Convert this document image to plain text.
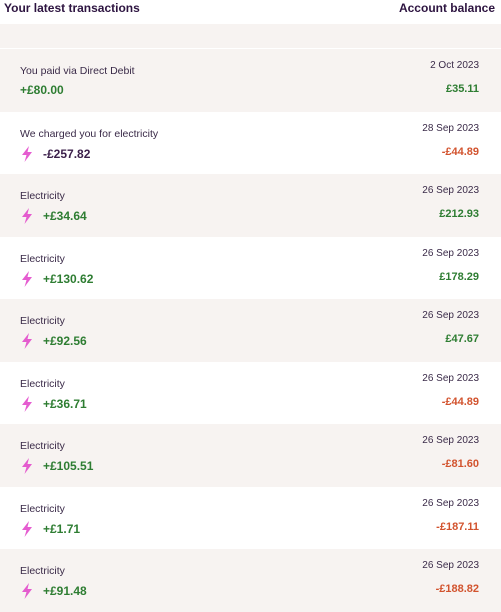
Your latest transactions	Account balance
You paid via Direct Debit
+£80.00
2 Oct 2023
£35.11
We charged you for electricity
-£257.82
28 Sep 2023
-£44.89
Electricity
+£34.64
26 Sep 2023
£212.93
Electricity
+£130.62
26 Sep 2023
£178.29
Electricity
+£92.56
26 Sep 2023
£47.67
Electricity
+£36.71
26 Sep 2023
-£44.89
Electricity
+£105.51
26 Sep 2023
-£81.60
Electricity
+£1.71
26 Sep 2023
-£187.11
Electricity
+£91.48
26 Sep 2023
-£188.82
